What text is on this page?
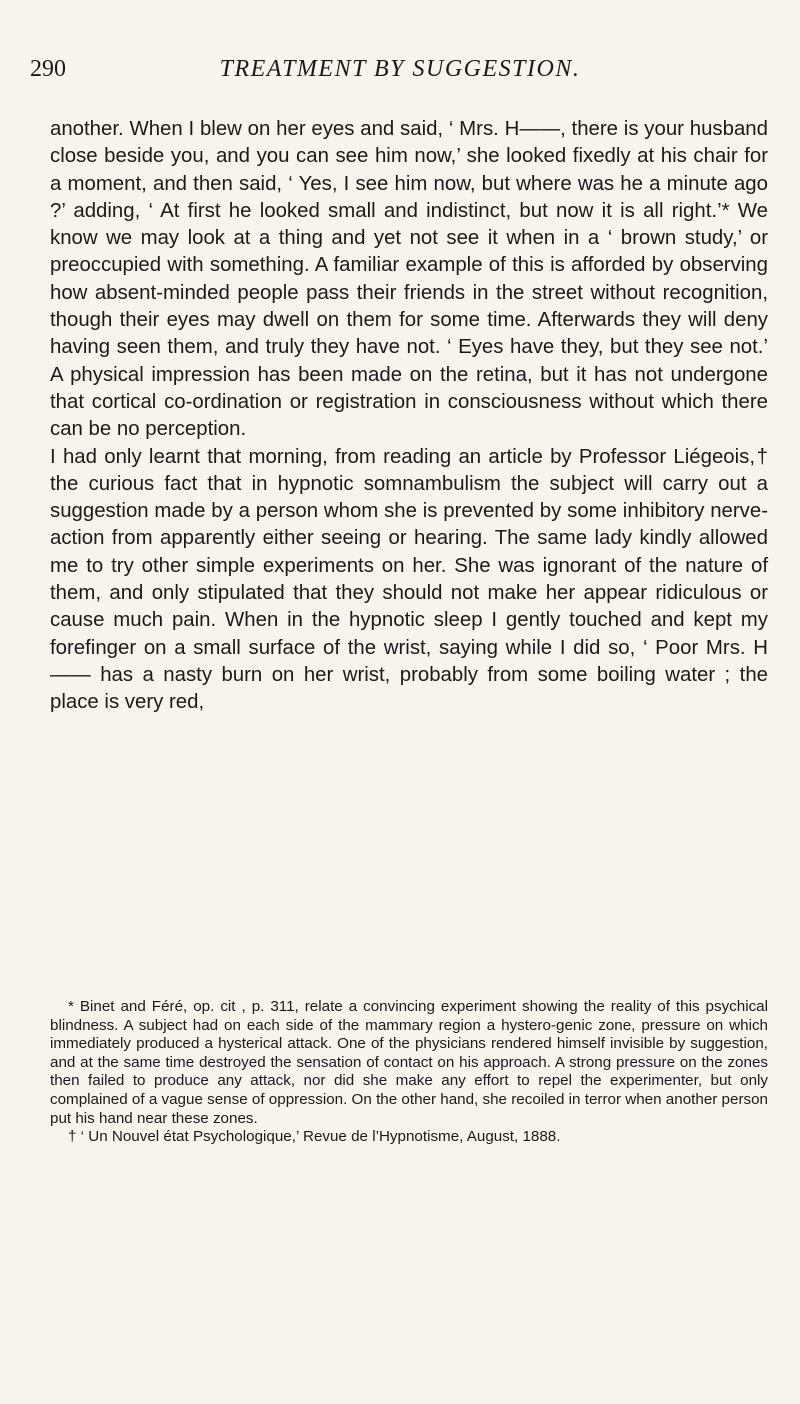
290	TREATMENT BY SUGGESTION.

another. When I blew on her eyes and said, ‘ Mrs. H——, there is your husband close beside you, and you can see him now,’ she looked fixedly at his chair for a moment, and then said, ‘ Yes, I see him now, but where was he a minute ago ?’ adding, ‘ At first he looked small and indistinct, but now it is all right.’* We know we may look at a thing and yet not see it when in a ‘ brown study,’ or preoccupied with something. A familiar example of this is afforded by observing how absent-minded people pass their friends in the street without recognition, though their eyes may dwell on them for some time. Afterwards they will deny having seen them, and truly they have not. ‘ Eyes have they, but they see not.’ A physical impression has been made on the retina, but it has not undergone that cortical co-ordination or registration in consciousness without which there can be no perception.

I had only learnt that morning, from reading an article by Professor Liégeois,† the curious fact that in hypnotic somnambulism the subject will carry out a suggestion made by a person whom she is prevented by some inhibitory nerve-action from apparently either seeing or hearing. The same lady kindly allowed me to try other simple experiments on her. She was ignorant of the nature of them, and only stipulated that they should not make her appear ridiculous or cause much pain. When in the hypnotic sleep I gently touched and kept my forefinger on a small surface of the wrist, saying while I did so, ‘ Poor Mrs. H—— has a nasty burn on her wrist, probably from some boiling water ; the place is very red,

* Binet and Féré, op. cit , p. 311, relate a convincing experiment showing the reality of this psychical blindness. A subject had on each side of the mammary region a hystero-genic zone, pressure on which immediately produced a hysterical attack. One of the physicians rendered himself invisible by suggestion, and at the same time destroyed the sensation of contact on his approach. A strong pressure on the zones then failed to produce any attack, nor did she make any effort to repel the experimenter, but only complained of a vague sense of oppression. On the other hand, she recoiled in terror when another person put his hand near these zones.

† ‘ Un Nouvel état Psychologique,’ Revue de l’Hypnotisme, August, 1888.
